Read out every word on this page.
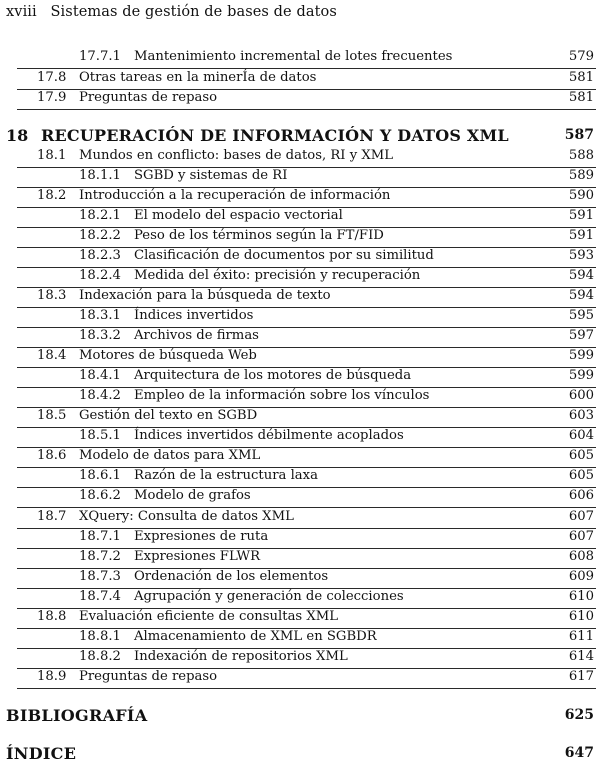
xviii Sistemas de gestión de bases de datos
17.7.1 Mantenimiento incremental de lotes frecuentes	579
17.8 Otras tareas en la minerÍa de datos	581
17.9 Preguntas de repaso	581
18 RECUPERACIÓN DE INFORMACIÓN Y DATOS XML	587
18.1 Mundos en conflicto: bases de datos, RI y XML	588
18.1.1 SGBD y sistemas de RI	589
18.2 Introducción a la recuperación de información	590
18.2.1 El modelo del espacio vectorial	591
18.2.2 Peso de los términos según la FT/FID	591
18.2.3 Clasificación de documentos por su similitud	593
18.2.4 Medida del éxito: precisión y recuperación	594
18.3 Indexación para la búsqueda de texto	594
18.3.1 Índices invertidos	595
18.3.2 Archivos de firmas	597
18.4 Motores de búsqueda Web	599
18.4.1 Arquitectura de los motores de búsqueda	599
18.4.2 Empleo de la información sobre los vínculos	600
18.5 Gestión del texto en SGBD	603
18.5.1 Índices invertidos débilmente acoplados	604
18.6 Modelo de datos para XML	605
18.6.1 Razón de la estructura laxa	605
18.6.2 Modelo de grafos	606
18.7 XQuery: Consulta de datos XML	607
18.7.1 Expresiones de ruta	607
18.7.2 Expresiones FLWR	608
18.7.3 Ordenación de los elementos	609
18.7.4 Agrupación y generación de colecciones	610
18.8 Evaluación eficiente de consultas XML	610
18.8.1 Almacenamiento de XML en SGBDR	611
18.8.2 Indexación de repositorios XML	614
18.9 Preguntas de repaso	617
BIBLIOGRAFÍA	625
ÍNDICE	647
